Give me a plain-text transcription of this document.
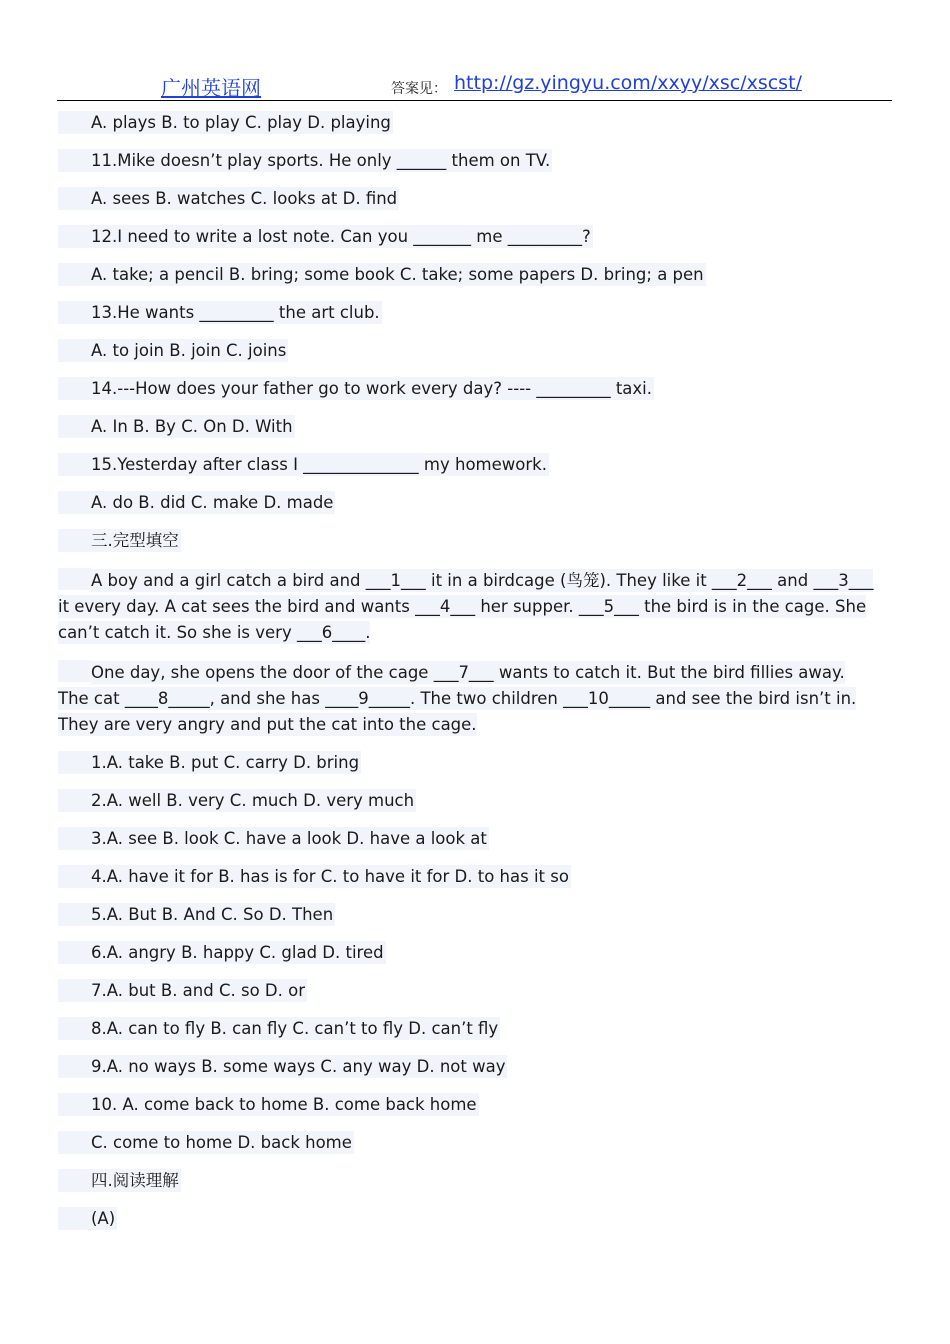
广州英语网	答案见： http://gz.yingyu.com/xxyy/xsc/xscst/
A. plays B. to play C. play D. playing
11.Mike doesn’t play sports. He only ______ them on TV.
A. sees B. watches C. looks at D. find
12.I need to write a lost note. Can you _______ me _________?
A. take; a pencil B. bring; some book C. take; some papers D. bring; a pen
13.He wants _________ the art club.
A. to join B. join C. joins
14.---How does your father go to work every day? ---- _________ taxi.
A. In B. By C. On D. With
15.Yesterday after class I ______________ my homework.
A. do B. did C. make D. made
三.完型填空

A boy and a girl catch a bird and ___1___ it in a birdcage (鸟笼). They like it ___2___ and ___3___ it every day. A cat sees the bird and wants ___4___ her supper. ___5___ the bird is in the cage. She can’t catch it. So she is very ___6____.

One day, she opens the door of the cage ___7___ wants to catch it. But the bird fillies away. The cat ____8_____, and she has ____9_____. The two children ___10_____ and see the bird isn’t in. They are very angry and put the cat into the cage.

1.A. take B. put C. carry D. bring
2.A. well B. very C. much D. very much
3.A. see B. look C. have a look D. have a look at
4.A. have it for B. has is for C. to have it for D. to has it so
5.A. But B. And C. So D. Then
6.A. angry B. happy C. glad D. tired
7.A. but B. and C. so D. or
8.A. can to fly B. can fly C. can’t to fly D. can’t fly
9.A. no ways B. some ways C. any way D. not way
10. A. come back to home B. come back home
C. come to home D. back home
四.阅读理解
(A)
